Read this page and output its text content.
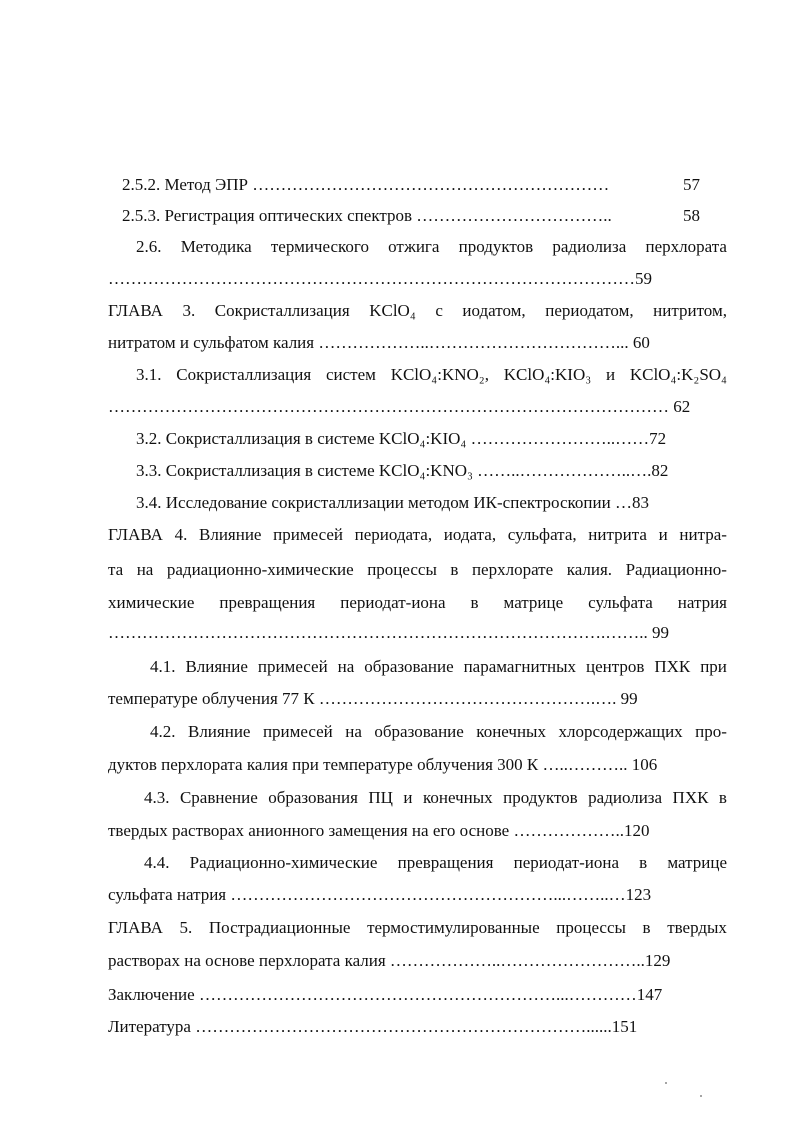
2.5.2. Метод ЭПР ………………………………………………………	57
2.5.3. Регистрация оптических спектров ……………………………..	58
2.6. Методика термического отжига продуктов радиолиза перхлората
…………………………………………………………………………………59
ГЛАВА 3. Сокристаллизация KClO₄ с иодатом, периодатом, нитритом,
нитратом и сульфатом калия ………………..……………………………... 60
3.1. Сокристаллизация систем KClO₄:KNO₂, KClO₄:KIO₃ и KClO₄:K₂SO₄
……………………………………………………………………………………… 62
3.2. Сокристаллизация в системе KClO₄:KIO₄ ……………………..……72
3.3. Сокристаллизация в системе KClO₄:KNO₃ ……..………………..….82
3.4. Исследование сокристаллизации методом ИК-спектроскопии …83
ГЛАВА 4. Влияние примесей периодата, иодата, сульфата, нитрита и нитра-
та на радиационно-химические процессы в перхлорате калия. Радиационно-
химические превращения периодат-иона в матрице сульфата натрия
…………………………………………………………………………….…….. 99
4.1. Влияние примесей на образование парамагнитных центров ПХК при
температуре облучения 77 К ………………………………………….…. 99
4.2. Влияние примесей на образование конечных хлорсодержащих про-
дуктов перхлората калия при температуре облучения 300 К …..……….. 106
4.3. Сравнение образования ПЦ и конечных продуктов радиолиза ПХК в
твердых растворах анионного замещения на его основе ………………..120
4.4. Радиационно-химические превращения периодат-иона в матрице
сульфата натрия …………………………………………………...……..…123
ГЛАВА 5. Пострадиационные термостимулированные процессы в твердых
растворах на основе перхлората калия ………………..……………………..129
Заключение ………………………………………………………...…………147
Литература ……………………………………………………………......151
